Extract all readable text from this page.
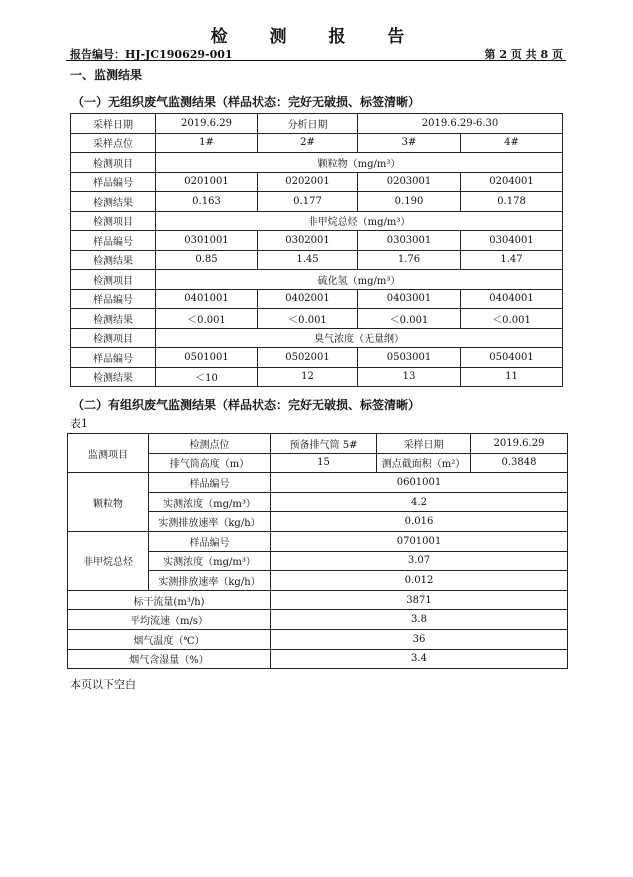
检 测 报 告
报告编号：HJ-JC190629-001	第 2 页 共 8 页
一、监测结果
（一）无组织废气监测结果（样品状态：完好无破损、标签清晰）
采样日期	2019.6.29	分析日期	2019.6.29-6.30	
采样点位	1#	2#	3#	4#
检测项目	颗粒物（mg/m³）			
样品编号	0201001	0202001	0203001	0204001
检测结果	0.163	0.177	0.190	0.178
检测项目	非甲烷总烃（mg/m³）			
样品编号	0301001	0302001	0303001	0304001
检测结果	0.85	1.45	1.76	1.47
检测项目	硫化氢（mg/m³）			
样品编号	0401001	0402001	0403001	0404001
检测结果	＜0.001	＜0.001	＜0.001	＜0.001
检测项目	臭气浓度（无量纲）			
样品编号	0501001	0502001	0503001	0504001
检测结果	＜10	12	13	11
（二）有组织废气监测结果（样品状态：完好无破损、标签清晰）
表1
监测项目	检测点位	预备排气筒 5#	采样日期	2019.6.29
	排气筒高度（m）	15	测点截面积（m²）	0.3848
颗粒物	样品编号	0601001		
	实测浓度（mg/m³）	4.2		
	实测排放速率（kg/h）	0.016		
非甲烷总烃	样品编号	0701001		
	实测浓度（mg/m³）	3.07		
	实测排放速率（kg/h）	0.012		
标干流量(m³/h)		3871		
平均流速（m/s）		3.8		
烟气温度（℃）		36		
烟气含湿量（%）		3.4		
本页以下空白
